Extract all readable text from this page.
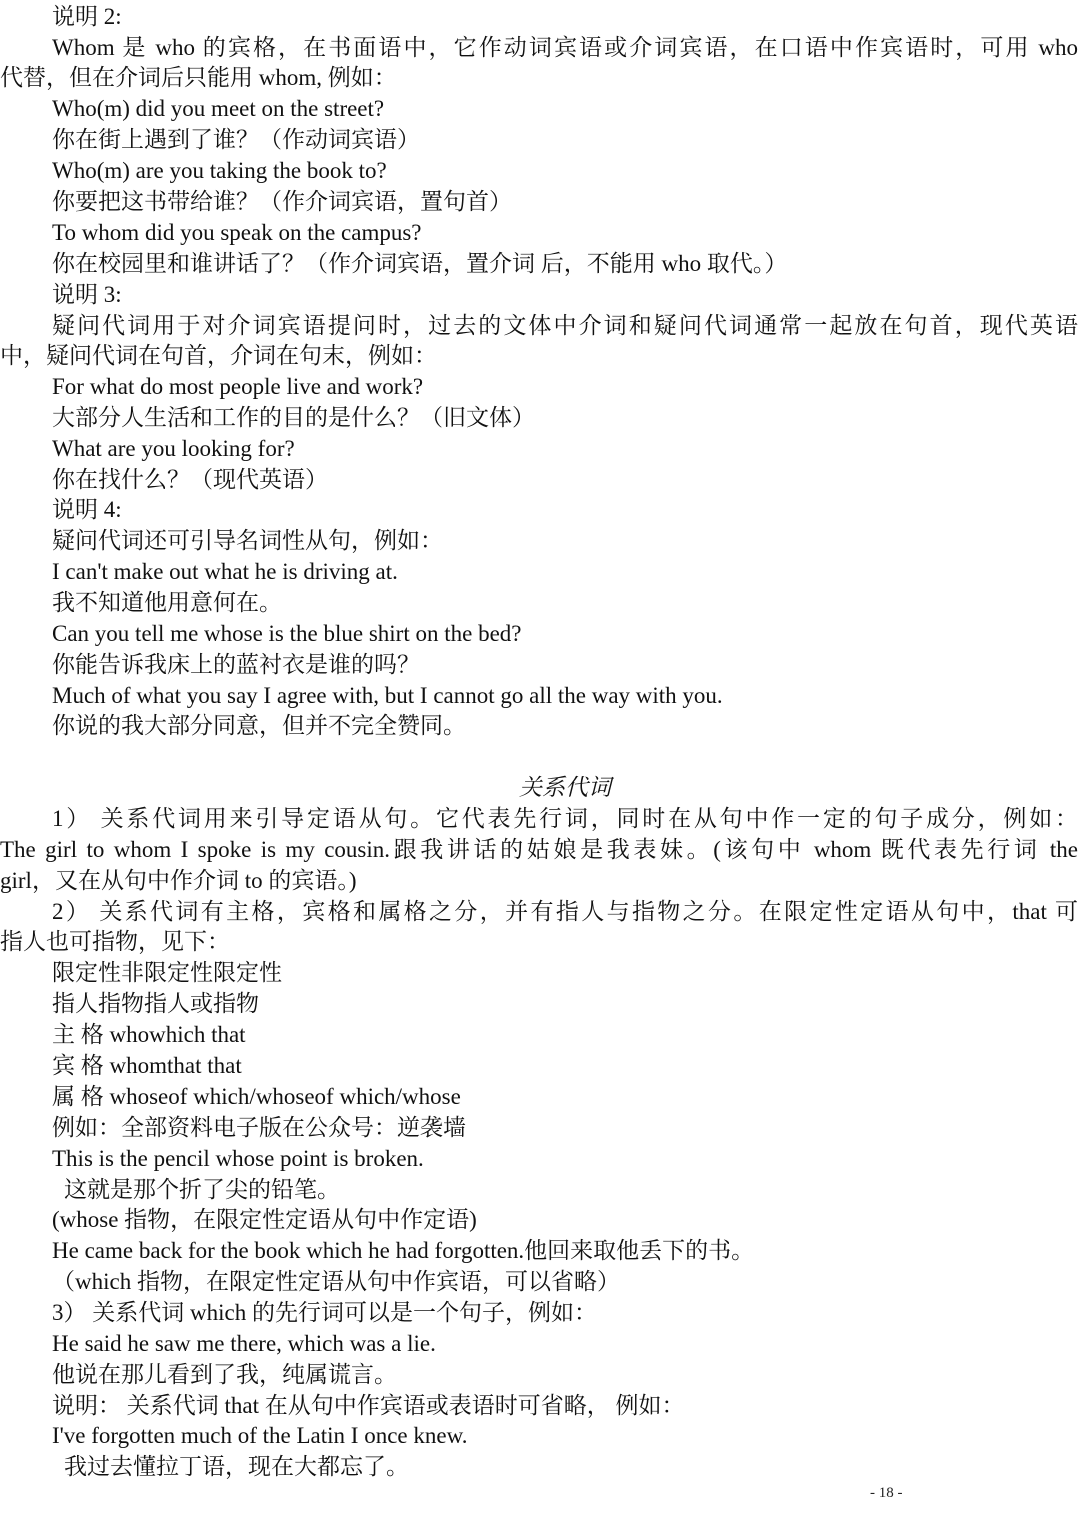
说明 2:
Whom 是 who 的宾格，在书面语中，它作动词宾语或介词宾语，在口语中作宾语时，可用 who
代替，但在介词后只能用 whom, 例如：
Who(m) did you meet on the street?
你在街上遇到了谁？（作动词宾语）
Who(m) are you taking the book to?
你要把这书带给谁？（作介词宾语，置句首）
To whom did you speak on the campus?
你在校园里和谁讲话了？（作介词宾语，置介词 后，不能用 who 取代。）
说明 3:
疑问代词用于对介词宾语提问时，过去的文体中介词和疑问代词通常一起放在句首，现代英语
中，疑问代词在句首，介词在句末，例如：
For what do most people live and work?
大部分人生活和工作的目的是什么？（旧文体）
What are you looking for?
你在找什么？（现代英语）
说明 4:
疑问代词还可引导名词性从句，例如：
I can't make out what he is driving at.
我不知道他用意何在。
Can you tell me whose is the blue shirt on the bed?
你能告诉我床上的蓝衬衣是谁的吗？
Much of what you say I agree with, but I cannot go all the way with you.
你说的我大部分同意，但并不完全赞同。
关系代词
1） 关系代词用来引导定语从句。它代表先行词，同时在从句中作一定的句子成分，例如：
The girl to whom I spoke is my cousin.跟我讲话的姑娘是我表妹。(该句中 whom 既代表先行词 the
girl，又在从句中作介词 to 的宾语。)
2） 关系代词有主格，宾格和属格之分，并有指人与指物之分。在限定性定语从句中，that 可
指人也可指物，见下：
限定性非限定性限定性
指人指物指人或指物
主 格 whowhich that
宾 格 whomthat that
属 格 whoseof which/whoseof which/whose
例如：全部资料电子版在公众号：逆袭墙
This is the pencil whose point is broken.
这就是那个折了尖的铅笔。
(whose 指物，在限定性定语从句中作定语)
He came back for the book which he had forgotten.他回来取他丢下的书。
（which 指物，在限定性定语从句中作宾语，可以省略）
3） 关系代词 which 的先行词可以是一个句子，例如：
He said he saw me there, which was a lie.
他说在那儿看到了我，纯属谎言。
说明： 关系代词 that 在从句中作宾语或表语时可省略， 例如：
I've forgotten much of the Latin I once knew.
我过去懂拉丁语，现在大都忘了。
- 18 -
